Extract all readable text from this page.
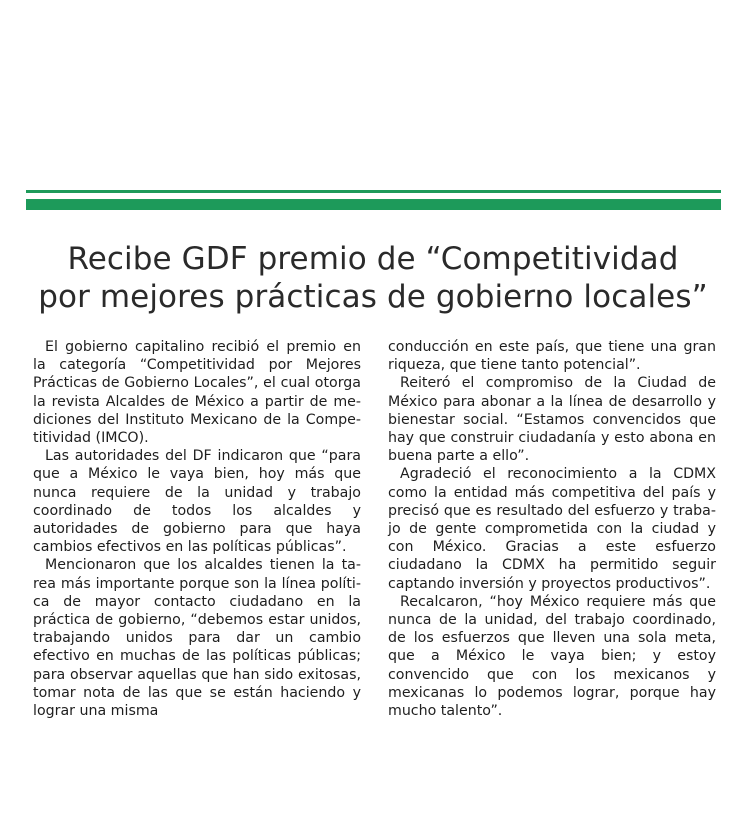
Recibe GDF premio de “Competitividad
por mejores prácticas de gobierno locales”

El gobierno capitalino recibió el premio en la categoría “Competitividad por Mejores Prácticas de Gobierno Locales”, el cual otorga la revista Alcaldes de México a partir de mediciones del Instituto Mexicano de la Competitividad (IMCO).

Las autoridades del DF indicaron que “para que a México le vaya bien, hoy más que nunca requiere de la unidad y trabajo coordinado de todos los alcaldes y autoridades de gobierno para que haya cambios efectivos en las políticas públicas”.

Mencionaron que los alcaldes tienen la tarea más importante porque son la línea política de mayor contacto ciudadano en la práctica de gobierno, “debemos estar unidos, trabajando unidos para dar un cambio efectivo en muchas de las políticas públicas; para observar aquellas que han sido exitosas, tomar nota de las que se están haciendo y lograr una misma

conducción en este país, que tiene una gran riqueza, que tiene tanto potencial”.

Reiteró el compromiso de la Ciudad de México para abonar a la línea de desarrollo y bienestar social. “Estamos convencidos que hay que construir ciudadanía y esto abona en buena parte a ello”.

Agradeció el reconocimiento a la CDMX como la entidad más competitiva del país y precisó que es resultado del esfuerzo y trabajo de gente comprometida con la ciudad y con México. Gracias a este esfuerzo ciudadano la CDMX ha permitido seguir captando inversión y proyectos productivos”.

Recalcaron, “hoy México requiere más que nunca de la unidad, del trabajo coordinado, de los esfuerzos que lleven una sola meta, que a México le vaya bien; y estoy convencido que con los mexicanos y mexicanas lo podemos lograr, porque hay mucho talento”.
